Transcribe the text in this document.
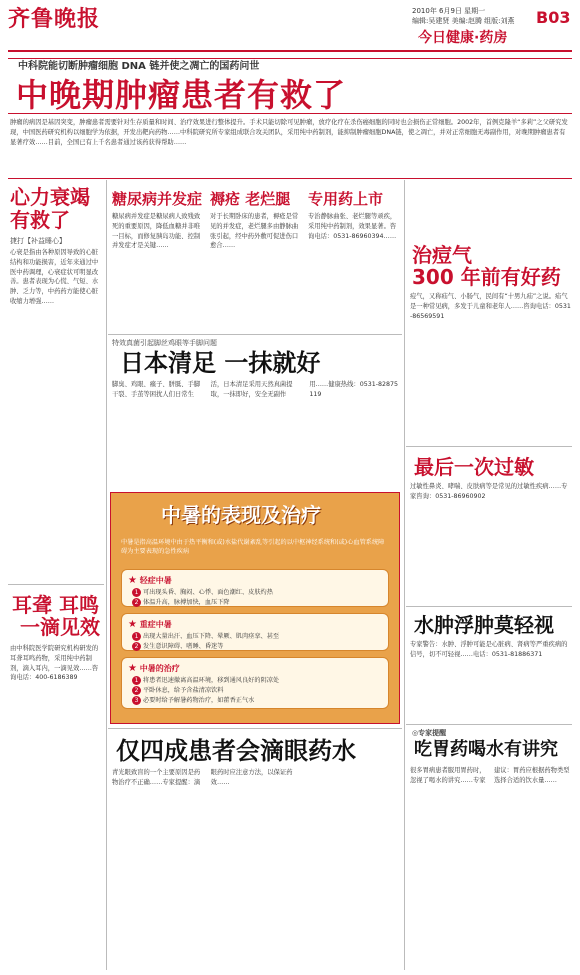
齐鲁晚报	2010年 6月9日 星期一
编辑:吴建贤 美编:赵腾 组版:刘燕 B03
今日健康·药房
中科院能切断肿瘤细胞 DNA 链并使之凋亡的国药问世
中晚期肿瘤患者有救了
肿瘤的病因是基因突变，肿瘤患者需要针对生存质量和时间、治疗效果进行整体提升。手术只能切除可见肿瘤，放疗化疗在杀伤癌细胞的同时也会损伤正常细胞。2002年，首例克隆羊“多莉”之父研究发现，中国医药研究机构以细胞学为依据，开发出靶向药物……中科院研究所专家组成联合攻关团队，采用纯中药制剂，能抑制肿瘤细胞DNA链，使之凋亡，并对正常细胞无毒副作用，对晚期肿瘤患者有显著疗效……目前，全国已有上千名患者通过该药获得帮助……
心力衰竭有救了
捷打【补益睡心】
心衰是指由各种原因导致的心脏结构和功能损害，近年来通过中医中药调理，心衰症状可明显改善。患者表现为心慌、气短、水肿、乏力等，中药药方能使心脏收缩力增强……
耳聋 耳鸣
一滴见效
由中科院医学院研究机构研发的耳聋耳鸣药物，采用纯中药制剂，滴入耳内，一滴见效……咨询电话：400-6186389
糖尿病并发症
糖尿病并发症是糖尿病人致残致死的重要原因，降低血糖并非唯一目标，而修复胰岛功能、控制并发症才是关键……
褥疮 老烂腿
对于长期卧床的患者，褥疮是常见的并发症，老烂腿多由静脉曲张引起，经中药外敷可促进伤口愈合……
专用药上市
专治静脉曲张、老烂腿等顽疾，采用纯中药制剂，效果显著。咨询电话：0531-86960394……
特效真菌引起脚丝鸡眼等手脚问题
日本清足 一抹就好
脚臭、鸡眼、瘊子、胼胝、手脚干裂、手茧等困扰人们日常生活，日本清足采用天然真菌提取，一抹即好，安全无副作用……健康热线：0531-82875119
中暑的表现及治疗
中暑是指高温环境中由于热平衡和(或)水盐代谢紊乱等引起的以中枢神经系统和(或)心血管系统障碍为主要表现的急性疾病
★ 轻症中暑
1 可出现头昏、胸闷、心悸、面色潮红、皮肤灼热
2 体温升高，脉搏加快，血压下降
★ 重症中暑
1 出现大量出汗、血压下降、晕厥、肌肉痉挛、甚至
2 发生意识障碍、嗜睡、昏迷等
★ 中暑的治疗
1 将患者迅速撤离高温环境，移到通风良好的阴凉处
2 平卧休息，给予含盐清凉饮料
3 必要时给予解暑药物治疗，如藿香正气水
仅四成患者会滴眼药水
青光眼致盲的一个主要原因是药物治疗不正确……专家提醒：滴眼药时应注意方法，以保证药效……
治痘气
300 年前有好药
痘气，又称疝气、小肠气，民间有“十男九疝”之说。疝气是一种常见病，多发于儿童和老年人……咨询电话：0531-86569591
最后一次过敏
过敏性鼻炎、哮喘、皮肤病等是常见的过敏性疾病……专家咨询：0531-86960902
水肿浮肿莫轻视
专家警告：水肿、浮肿可能是心脏病、肾病等严重疾病的信号，切不可轻视……电话：0531-81886371
◎专家提醒
吃胃药喝水有讲究
很多胃病患者服用胃药时，忽视了喝水的讲究……专家建议：胃药应根据药物类型选择合适的饮水量……
